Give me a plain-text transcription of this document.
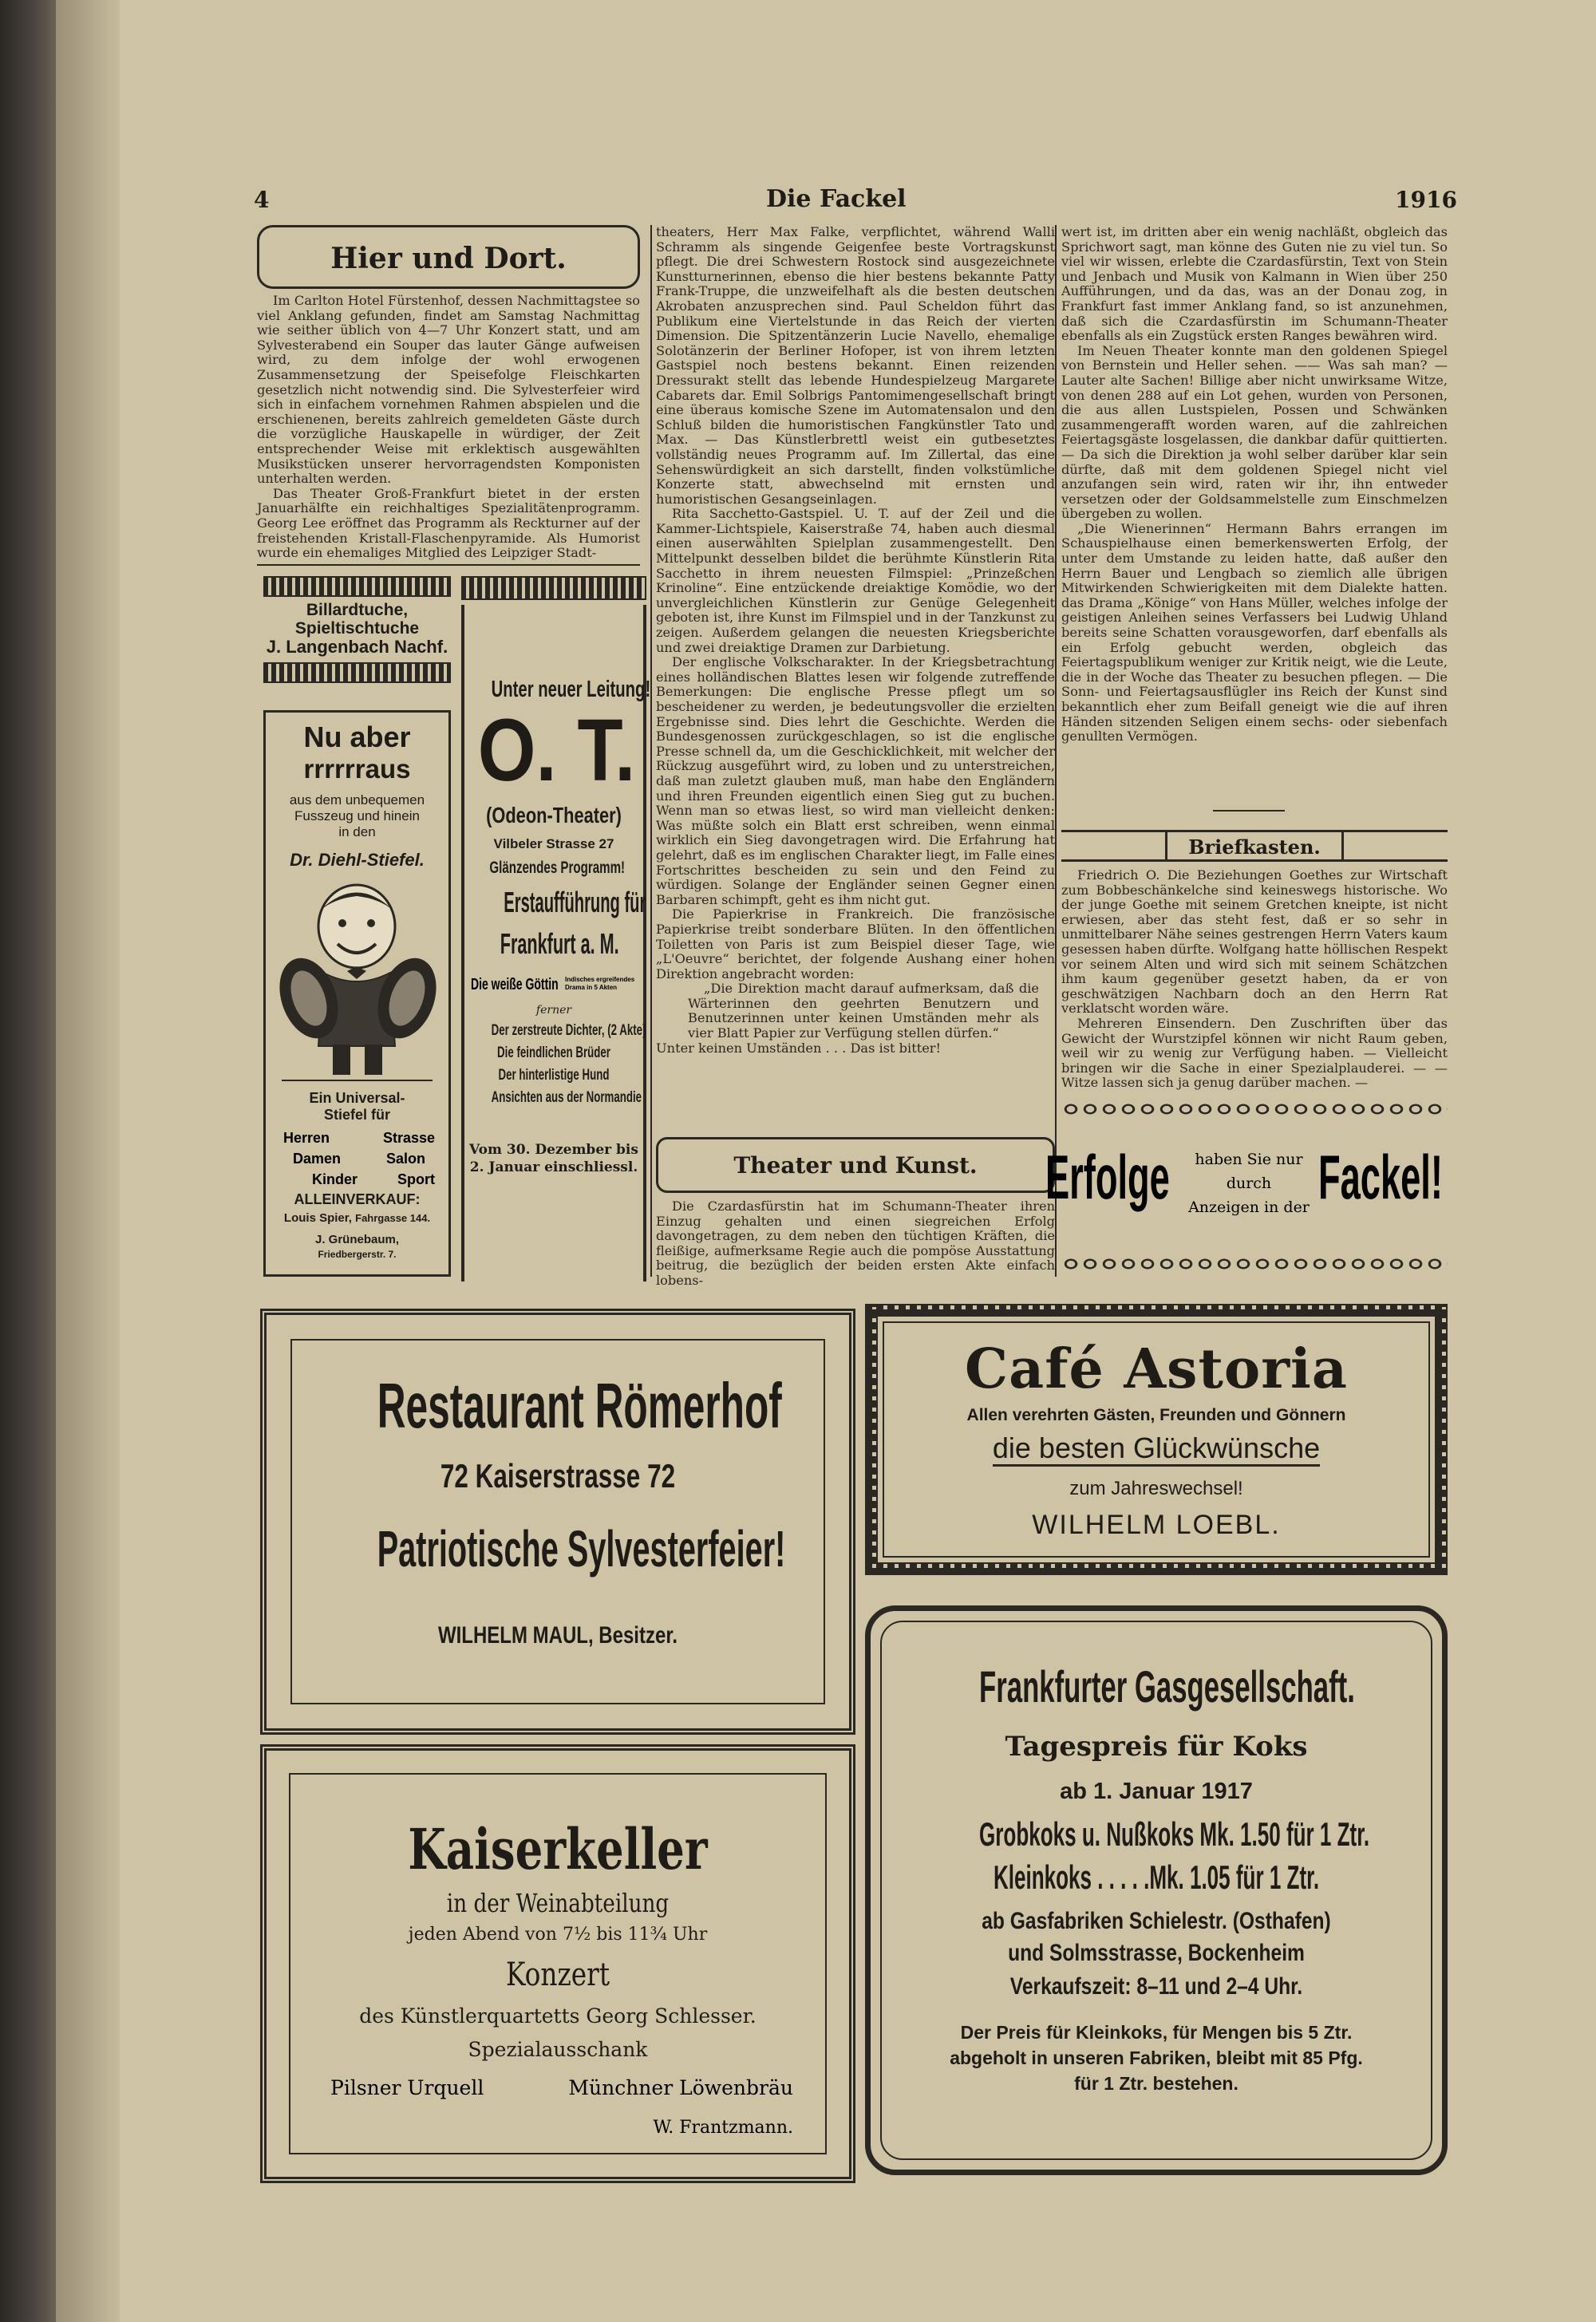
4	Die Fackel	1916
Hier und Dort.

Im Carlton Hotel Fürstenhof, dessen Nachmittagstee so viel Anklang gefunden, findet am Samstag Nachmittag wie seither üblich von 4—7 Uhr Konzert statt, und am Sylvesterabend ein Souper das lauter Gänge aufweisen wird, zu dem infolge der wohl erwogenen Zusammensetzung der Speisefolge Fleischkarten gesetzlich nicht notwendig sind. Die Sylvesterfeier wird sich in einfachem vornehmen Rahmen abspielen und die erschienenen, bereits zahlreich gemeldeten Gäste durch die vorzügliche Hauskapelle in würdiger, der Zeit entsprechender Weise mit erklektisch ausgewählten Musikstücken unserer hervorragendsten Komponisten unterhalten werden.

Das Theater Groß-Frankfurt bietet in der ersten Januarhälfte ein reichhaltiges Spezialitätenprogramm. Georg Lee eröffnet das Programm als Reckturner auf der freistehenden Kristall-Flaschenpyramide. Als Humorist wurde ein ehemaliges Mitglied des Leipziger Stadt-

Billardtuche,
Spieltischtuche
J. Langenbach Nachf.
Nu aber
rrrrrraus
aus dem unbequemen
Fusszeug und hinein
in den
Dr. Diehl-Stiefel.
Ein Universal-
Stiefel für
Herren	Strasse
Damen	Salon
Kinder	Sport
ALLEINVERKAUF:
Louis Spier, Fahrgasse 144.
J. Grünebaum,
Friedbergerstr. 7.
Unter neuer Leitung!
O. T.
(Odeon-Theater)
Vilbeler Strasse 27
Glänzendes Programm!
Erstaufführung für
Frankfurt a. M.
Die weiße Göttin Indisches ergreifendes
Drama in 5 Akten
ferner
Der zerstreute Dichter, (2 Akte)
Die feindlichen Brüder
Der hinterlistige Hund
Ansichten aus der Normandie
Vom 30. Dezember bis
2. Januar einschliessl.

theaters, Herr Max Falke, verpflichtet, während Walli Schramm als singende Geigenfee beste Vortragskunst pflegt. Die drei Schwestern Rostock sind ausgezeichnete Kunstturnerinnen, ebenso die hier bestens bekannte Patty Frank-Truppe, die unzweifelhaft als die besten deutschen Akrobaten anzusprechen sind. Paul Scheldon führt das Publikum eine Viertelstunde in das Reich der vierten Dimension. Die Spitzentänzerin Lucie Navello, ehemalige Solotänzerin der Berliner Hofoper, ist von ihrem letzten Gastspiel noch bestens bekannt. Einen reizenden Dressurakt stellt das lebende Hundespielzeug Margarete Cabarets dar. Emil Solbrigs Pantomimengesellschaft bringt eine überaus komische Szene im Automatensalon und den Schluß bilden die humoristischen Fangkünstler Tato und Max. — Das Künstlerbrettl weist ein gutbesetztes vollständig neues Programm auf. Im Zillertal, das eine Sehenswürdigkeit an sich darstellt, finden volkstümliche Konzerte statt, abwechselnd mit ernsten und humoristischen Gesangseinlagen.

Rita Sacchetto-Gastspiel. U. T. auf der Zeil und die Kammer-Lichtspiele, Kaiserstraße 74, haben auch diesmal einen auserwählten Spielplan zusammengestellt. Den Mittelpunkt desselben bildet die berühmte Künstlerin Rita Sacchetto in ihrem neuesten Filmspiel: „Prinzeßchen Krinoline“. Eine entzückende dreiaktige Komödie, wo der unvergleichlichen Künstlerin zur Genüge Gelegenheit geboten ist, ihre Kunst im Filmspiel und in der Tanzkunst zu zeigen. Außerdem gelangen die neuesten Kriegsberichte und zwei dreiaktige Dramen zur Darbietung.

Der englische Volkscharakter. In der Kriegsbetrachtung eines holländischen Blattes lesen wir folgende zutreffende Bemerkungen: Die englische Presse pflegt um so bescheidener zu werden, je bedeutungsvoller die erzielten Ergebnisse sind. Dies lehrt die Geschichte. Werden die Bundesgenossen zurückgeschlagen, so ist die englische Presse schnell da, um die Geschicklichkeit, mit welcher der Rückzug ausgeführt wird, zu loben und zu unterstreichen, daß man zuletzt glauben muß, man habe den Engländern und ihren Freunden eigentlich einen Sieg gut zu buchen. Wenn man so etwas liest, so wird man vielleicht denken: Was müßte solch ein Blatt erst schreiben, wenn einmal wirklich ein Sieg davongetragen wird. Die Erfahrung hat gelehrt, daß es im englischen Charakter liegt, im Falle eines Fortschrittes bescheiden zu sein und den Feind zu würdigen. Solange der Engländer seinen Gegner einen Barbaren schimpft, geht es ihm nicht gut.

Die Papierkrise in Frankreich. Die französische Papierkrise treibt sonderbare Blüten. In den öffentlichen Toiletten von Paris ist zum Beispiel dieser Tage, wie „L'Oeuvre“ berichtet, der folgende Aushang einer hohen Direktion angebracht worden:

„Die Direktion macht darauf aufmerksam, daß die Wärterinnen den geehrten Benutzern und Benutzerinnen unter keinen Umständen mehr als vier Blatt Papier zur Verfügung stellen dürfen.“

Unter keinen Umständen . . . Das ist bitter!

Theater und Kunst.

Die Czardasfürstin hat im Schumann-Theater ihren Einzug gehalten und einen siegreichen Erfolg davongetragen, zu dem neben den tüchtigen Kräften, die fleißige, aufmerksame Regie auch die pompöse Ausstattung beitrug, die bezüglich der beiden ersten Akte einfach lobens-

wert ist, im dritten aber ein wenig nachläßt, obgleich das Sprichwort sagt, man könne des Guten nie zu viel tun. So viel wir wissen, erlebte die Czardasfürstin, Text von Stein und Jenbach und Musik von Kalmann in Wien über 250 Aufführungen, und da das, was an der Donau zog, in Frankfurt fast immer Anklang fand, so ist anzunehmen, daß sich die Czardasfürstin im Schumann-Theater ebenfalls als ein Zugstück ersten Ranges bewähren wird.

Im Neuen Theater konnte man den goldenen Spiegel von Bernstein und Heller sehen. —— Was sah man? — Lauter alte Sachen! Billige aber nicht unwirksame Witze, von denen 288 auf ein Lot gehen, wurden von Personen, die aus allen Lustspielen, Possen und Schwänken zusammengerafft worden waren, auf die zahlreichen Feiertagsgäste losgelassen, die dankbar dafür quittierten. — Da sich die Direktion ja wohl selber darüber klar sein dürfte, daß mit dem goldenen Spiegel nicht viel anzufangen sein wird, raten wir ihr, ihn entweder versetzen oder der Goldsammelstelle zum Einschmelzen übergeben zu wollen.

„Die Wienerinnen“ Hermann Bahrs errangen im Schauspielhause einen bemerkenswerten Erfolg, der unter dem Umstande zu leiden hatte, daß außer den Herrn Bauer und Lengbach so ziemlich alle übrigen Mitwirkenden Schwierigkeiten mit dem Dialekte hatten. das Drama „Könige“ von Hans Müller, welches infolge der geistigen Anleihen seines Verfassers bei Ludwig Uhland bereits seine Schatten vorausgeworfen, darf ebenfalls als ein Erfolg gebucht werden, obgleich das Feiertagspublikum weniger zur Kritik neigt, wie die Leute, die in der Woche das Theater zu besuchen pflegen. — Die Sonn- und Feiertagsausflügler ins Reich der Kunst sind bekanntlich eher zum Beifall geneigt wie die auf ihren Händen sitzenden Seligen einem sechs- oder siebenfach genullten Vermögen.

Briefkasten.

Friedrich O. Die Beziehungen Goethes zur Wirtschaft zum Bobbeschänkelche sind keineswegs historische. Wo der junge Goethe mit seinem Gretchen kneipte, ist nicht erwiesen, aber das steht fest, daß er so sehr in unmittelbarer Nähe seines gestrengen Herrn Vaters kaum gesessen haben dürfte. Wolfgang hatte höllischen Respekt vor seinem Alten und wird sich mit seinem Schätzchen ihm kaum gegenüber gesetzt haben, da er von geschwätzigen Nachbarn doch an den Herrn Rat verklatscht worden wäre.

Mehreren Einsendern. Den Zuschriften über das Gewicht der Wurstzipfel können wir nicht Raum geben, weil wir zu wenig zur Verfügung haben. — Vielleicht bringen wir die Sache in einer Spezialplauderei. — — Witze lassen sich ja genug darüber machen. —

Erfolge	haben Sie nur
durch
Anzeigen in der Fackel!
Restaurant Römerhof
72 Kaiserstrasse 72
Patriotische Sylvesterfeier!
WILHELM MAUL, Besitzer.
Café Astoria
Allen verehrten Gästen, Freunden und Gönnern
die besten Glückwünsche
zum Jahreswechsel!
WILHELM LOEBL.
Kaiserkeller
in der Weinabteilung
jeden Abend von 7½ bis 11¾ Uhr
Konzert
des Künstlerquartetts Georg Schlesser.
Spezialausschank
Pilsner Urquell	Münchner Löwenbräu
W. Frantzmann.
Frankfurter Gasgesellschaft.
Tagespreis für Koks
ab 1. Januar 1917
Grobkoks u. Nußkoks Mk. 1.50 für 1 Ztr.
Kleinkoks . . . . .Mk. 1.05 für 1 Ztr.
ab Gasfabriken Schielestr. (Osthafen)
und Solmsstrasse, Bockenheim
Verkaufszeit: 8–11 und 2–4 Uhr.
Der Preis für Kleinkoks, für Mengen bis 5 Ztr.
abgeholt in unseren Fabriken, bleibt mit 85 Pfg.
für 1 Ztr. bestehen.
